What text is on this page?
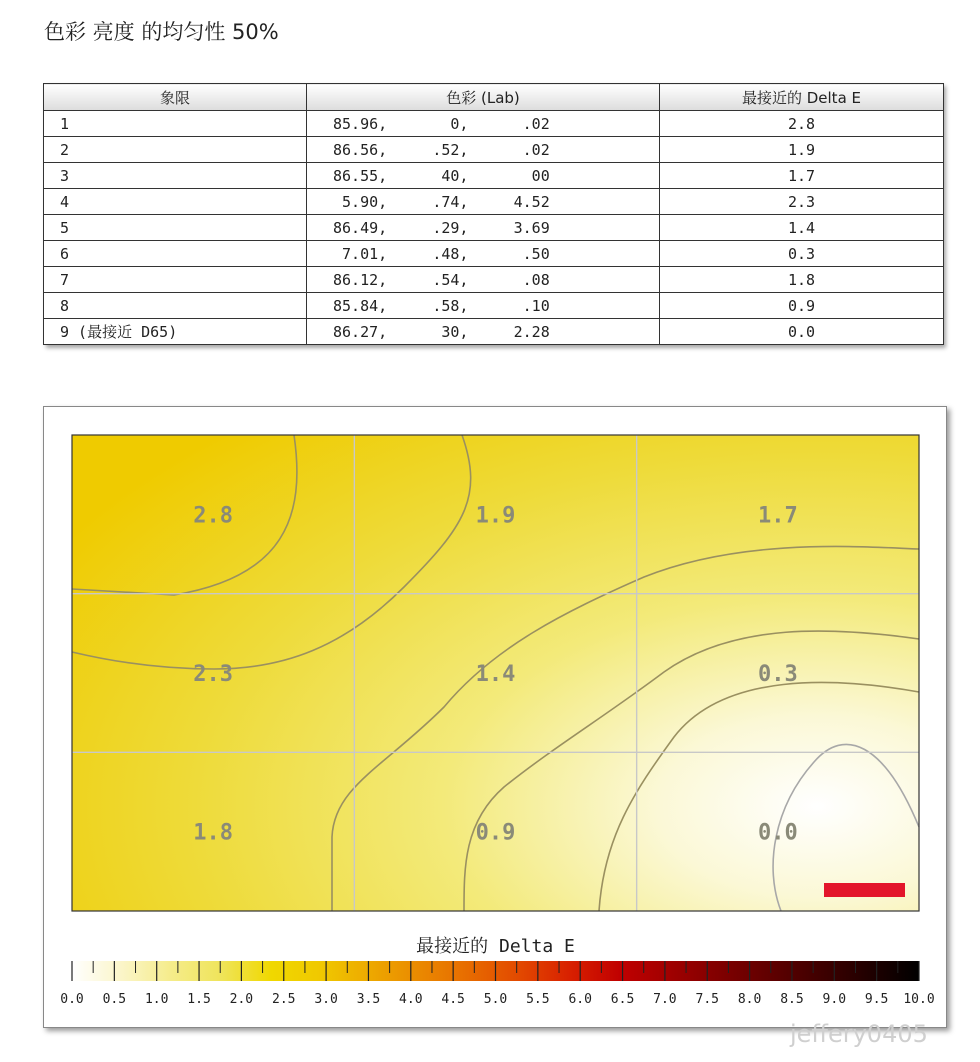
色彩 亮度 的均匀性 50%
象限	色彩 (Lab)	最接近的 Delta E
1	85.96,       0,      .02	2.8
2	86.56,     .52,      .02	1.9
3	86.55,      40,       00	1.7
4	5.90,     .74,     4.52	2.3
5	86.49,     .29,     3.69	1.4
6	7.01,     .48,      .50	0.3
7	86.12,     .54,      .08	1.8
8	85.84,     .58,      .10	0.9
9 (最接近 D65)	86.27,      30,     2.28	0.0
2.8	1.9	1.7
2.3	1.4	0.3
1.8	0.9	0.0
最接近的 Delta E
0.0 0.5 1.0 1.5 2.0 2.5 3.0 3.5 4.0 4.5 5.0 5.5 6.0 6.5 7.0 7.5 8.0 8.5 9.0 9.5 10.0
jeffery0405
